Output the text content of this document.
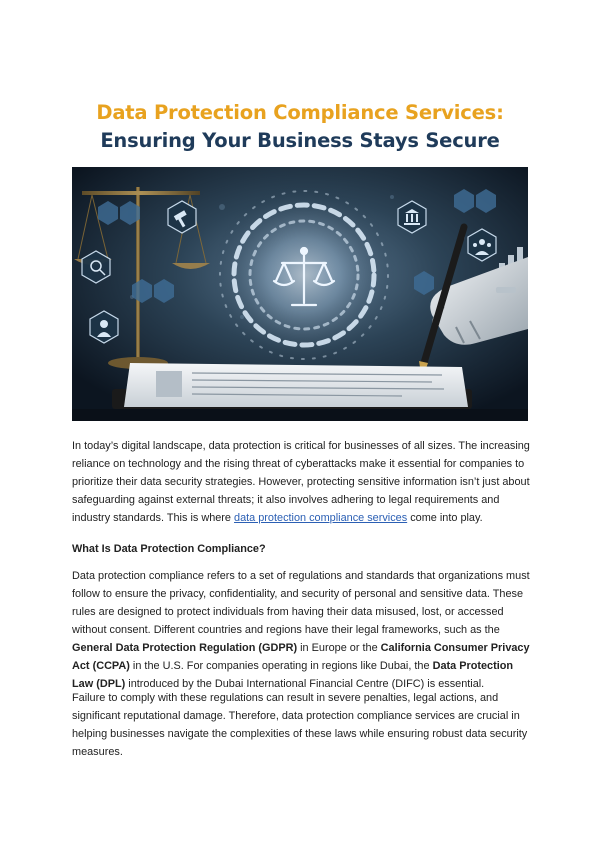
Data Protection Compliance Services:
Ensuring Your Business Stays Secure
In today’s digital landscape, data protection is critical for businesses of all sizes. The increasing reliance on technology and the rising threat of cyberattacks make it essential for companies to prioritize their data security strategies. However, protecting sensitive information isn’t just about safeguarding against external threats; it also involves adhering to legal requirements and industry standards. This is where data protection compliance services come into play.
What Is Data Protection Compliance?
Data protection compliance refers to a set of regulations and standards that organizations must follow to ensure the privacy, confidentiality, and security of personal and sensitive data. These rules are designed to protect individuals from having their data misused, lost, or accessed without consent. Different countries and regions have their legal frameworks, such as the General Data Protection Regulation (GDPR) in Europe or the California Consumer Privacy Act (CCPA) in the U.S. For companies operating in regions like Dubai, the Data Protection Law (DPL) introduced by the Dubai International Financial Centre (DIFC) is essential.
Failure to comply with these regulations can result in severe penalties, legal actions, and significant reputational damage. Therefore, data protection compliance services are crucial in helping businesses navigate the complexities of these laws while ensuring robust data security measures.
